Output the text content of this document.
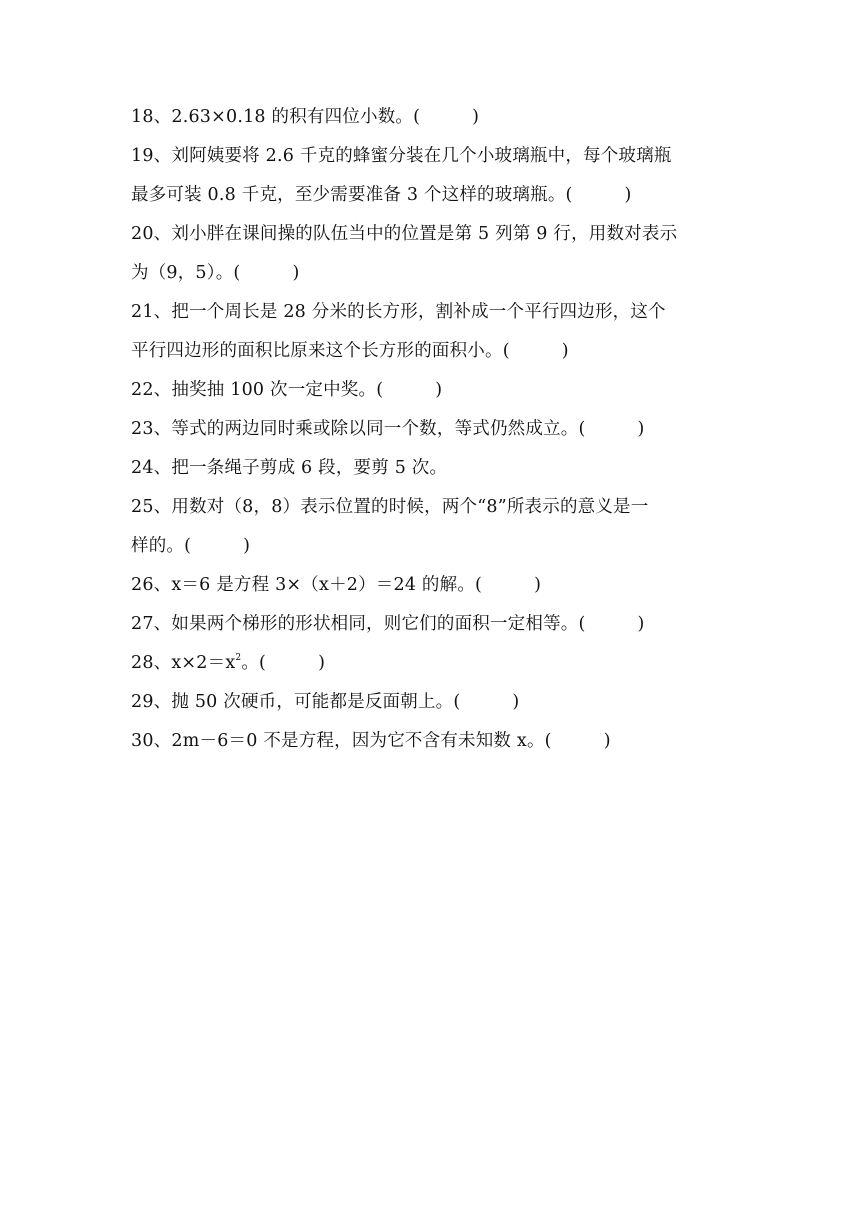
18、2.63×0.18 的积有四位小数。(	)
19、刘阿姨要将 2.6 千克的蜂蜜分装在几个小玻璃瓶中，每个玻璃瓶
最多可装 0.8 千克，至少需要准备 3 个这样的玻璃瓶。(	)
20、刘小胖在课间操的队伍当中的位置是第 5 列第 9 行，用数对表示
为（9，5）。(	)
21、把一个周长是 28 分米的长方形，割补成一个平行四边形，这个
平行四边形的面积比原来这个长方形的面积小。(	)
22、抽奖抽 100 次一定中奖。(	)
23、等式的两边同时乘或除以同一个数，等式仍然成立。(	)
24、把一条绳子剪成 6 段，要剪 5 次。
25、用数对（8，8）表示位置的时候，两个“8”所表示的意义是一
样的。(	)
26、x＝6 是方程 3×（x＋2）＝24 的解。(	)
27、如果两个梯形的形状相同，则它们的面积一定相等。(	)
28、$x\times 2=x^2$。(	)
29、抛 50 次硬币，可能都是反面朝上。(	)
30、2m－6＝0 不是方程，因为它不含有未知数 x。(	)
